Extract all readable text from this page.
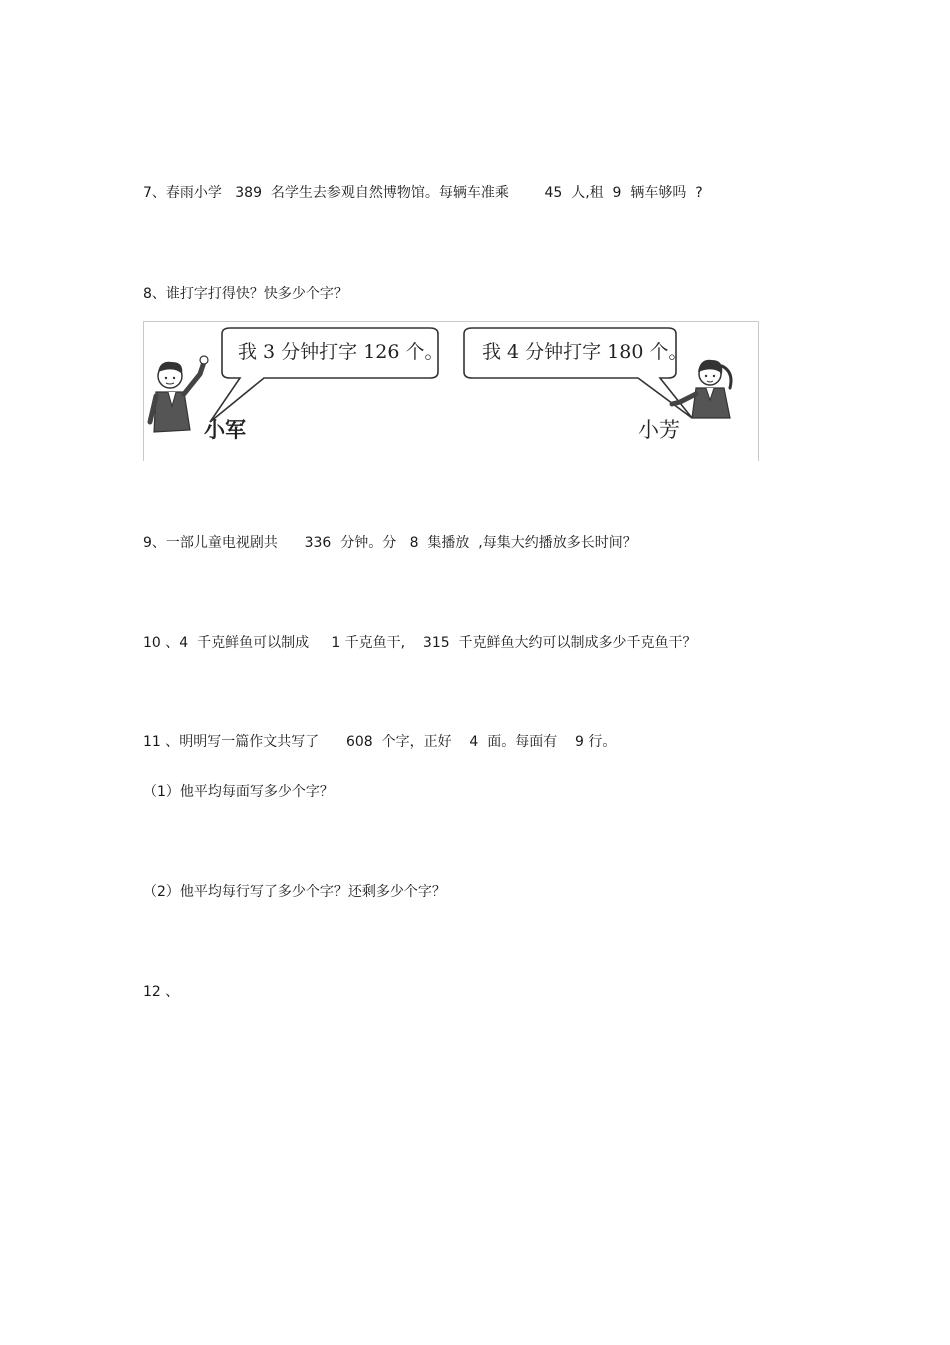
7、春雨小学   389  名学生去参观自然博物馆。每辆车准乘        45  人,租  9  辆车够吗  ?
8、谁打字打得快？快多少个字？
我 3 分钟打字 126 个。 我 4 分钟打字 180 个。
小军	小芳
9、一部儿童电视剧共      336  分钟。分   8  集播放  ,每集大约播放多长时间？
10 、4  千克鲜鱼可以制成     1 千克鱼干,    315  千克鲜鱼大约可以制成多少千克鱼干？
11 、明明写一篇作文共写了      608  个字，正好    4  面。每面有    9 行。
（1）他平均每面写多少个字？
（2）他平均每行写了多少个字？还剩多少个字？
12 、
